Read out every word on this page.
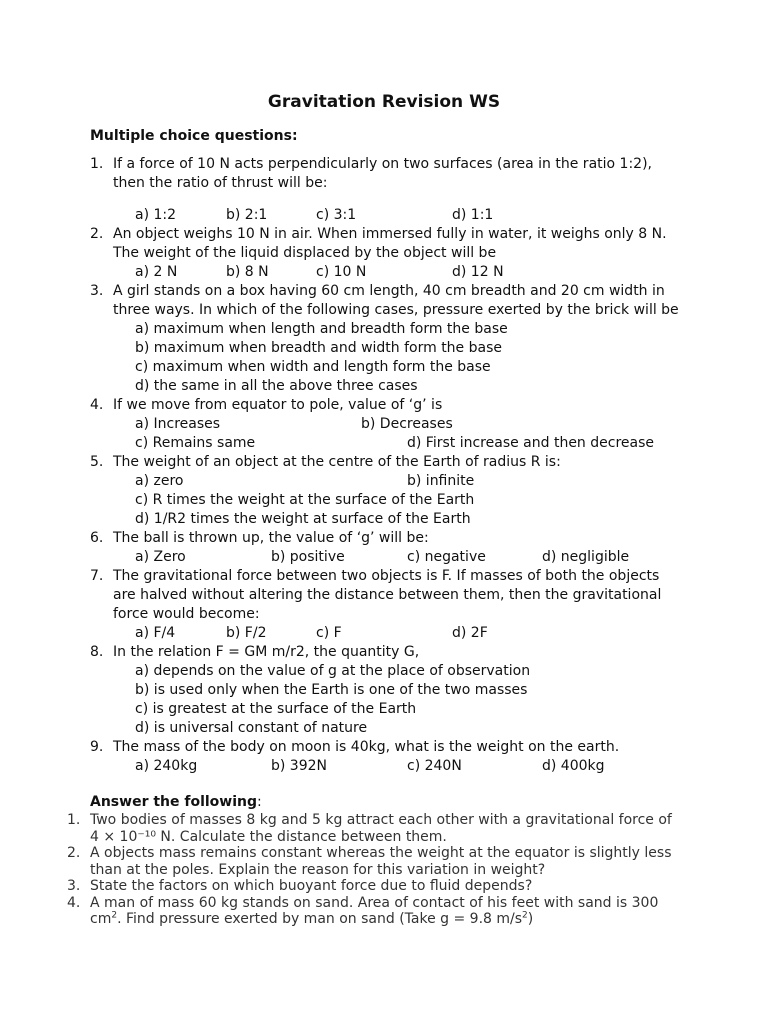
Gravitation Revision WS
Multiple choice questions:
1. If a force of 10 N acts perpendicularly on two surfaces (area in the ratio 1:2), then the ratio of thrust will be:
a) 1:2	b) 2:1	c) 3:1	d) 1:1
2. An object weighs 10 N in air. When immersed fully in water, it weighs only 8 N. The weight of the liquid displaced by the object will be
a) 2 N	b) 8 N	c) 10 N	d) 12 N
3. A girl stands on a box having 60 cm length, 40 cm breadth and 20 cm width in three ways. In which of the following cases, pressure exerted by the brick will be
a) maximum when length and breadth form the base
b) maximum when breadth and width form the base
c) maximum when width and length form the base
d) the same in all the above three cases
4. If we move from equator to pole, value of ‘g’ is
a) Increases	b) Decreases
c) Remains same	d) First increase and then decrease
5. The weight of an object at the centre of the Earth of radius R is:
a) zero	b) infinite
c) R times the weight at the surface of the Earth
d) 1/R2 times the weight at surface of the Earth
6. The ball is thrown up, the value of ‘g’ will be:
a) Zero	b) positive	c) negative	d) negligible
7. The gravitational force between two objects is F. If masses of both the objects are halved without altering the distance between them, then the gravitational force would become:
a) F/4	b) F/2	c) F	d) 2F
8. In the relation F = GM m/r2, the quantity G,
a) depends on the value of g at the place of observation
b) is used only when the Earth is one of the two masses
c) is greatest at the surface of the Earth
d) is universal constant of nature
9. The mass of the body on moon is 40kg, what is the weight on the earth.
a) 240kg	b) 392N	c) 240N	d) 400kg
Answer the following:
1. Two bodies of masses 8 kg and 5 kg attract each other with a gravitational force of 4 × 10⁻¹⁰ N. Calculate the distance between them.
2. A objects mass remains constant whereas the weight at the equator is slightly less than at the poles. Explain the reason for this variation in weight?
3. State the factors on which buoyant force due to fluid depends?
4. A man of mass 60 kg stands on sand. Area of contact of his feet with sand is 300 $cm^2$. Find pressure exerted by man on sand (Take g = 9.8 $m/s^2$)
